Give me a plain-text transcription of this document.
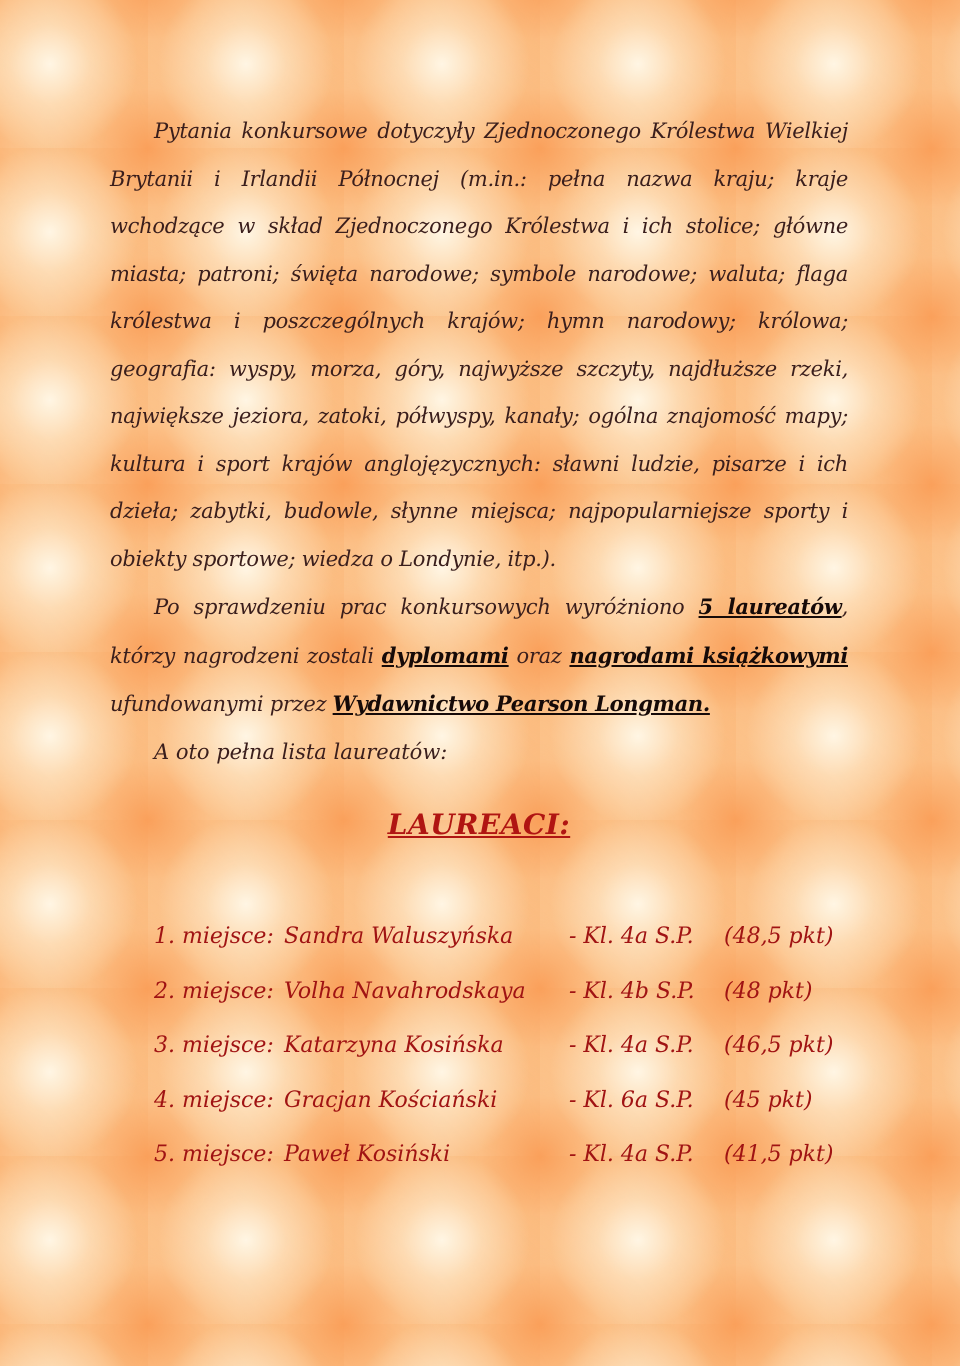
Pytania konkursowe dotyczyły Zjednoczonego Królestwa Wielkiej Brytanii i Irlandii Północnej (m.in.: pełna nazwa kraju; kraje wchodzące w skład Zjednoczonego Królestwa i ich stolice; główne miasta; patroni; święta narodowe; symbole narodowe; waluta; flaga królestwa i poszczególnych krajów; hymn narodowy; królowa; geografia: wyspy, morza, góry, najwyższe szczyty, najdłuższe rzeki, największe jeziora, zatoki, półwyspy, kanały; ogólna znajomość mapy; kultura i sport krajów anglojęzycznych: sławni ludzie, pisarze i ich dzieła; zabytki, budowle, słynne miejsca; najpopularniejsze sporty i obiekty sportowe; wiedza o Londynie, itp.).

Po sprawdzeniu prac konkursowych wyróżniono 5 laureatów, którzy nagrodzeni zostali dyplomami oraz nagrodami książkowymi ufundowanymi przez Wydawnictwo Pearson Longman.

A oto pełna lista laureatów:

LAUREACI:
1. miejsce: Sandra Waluszyńska	- Kl. 4a S.P. (48,5 pkt)
2. miejsce: Volha Navahrodskaya - Kl. 4b S.P. (48 pkt)
3. miejsce: Katarzyna Kosińska	- Kl. 4a S.P. (46,5 pkt)
4. miejsce: Gracjan Kościański	- Kl. 6a S.P. (45 pkt)
5. miejsce: Paweł Kosiński	- Kl. 4a S.P. (41,5 pkt)
